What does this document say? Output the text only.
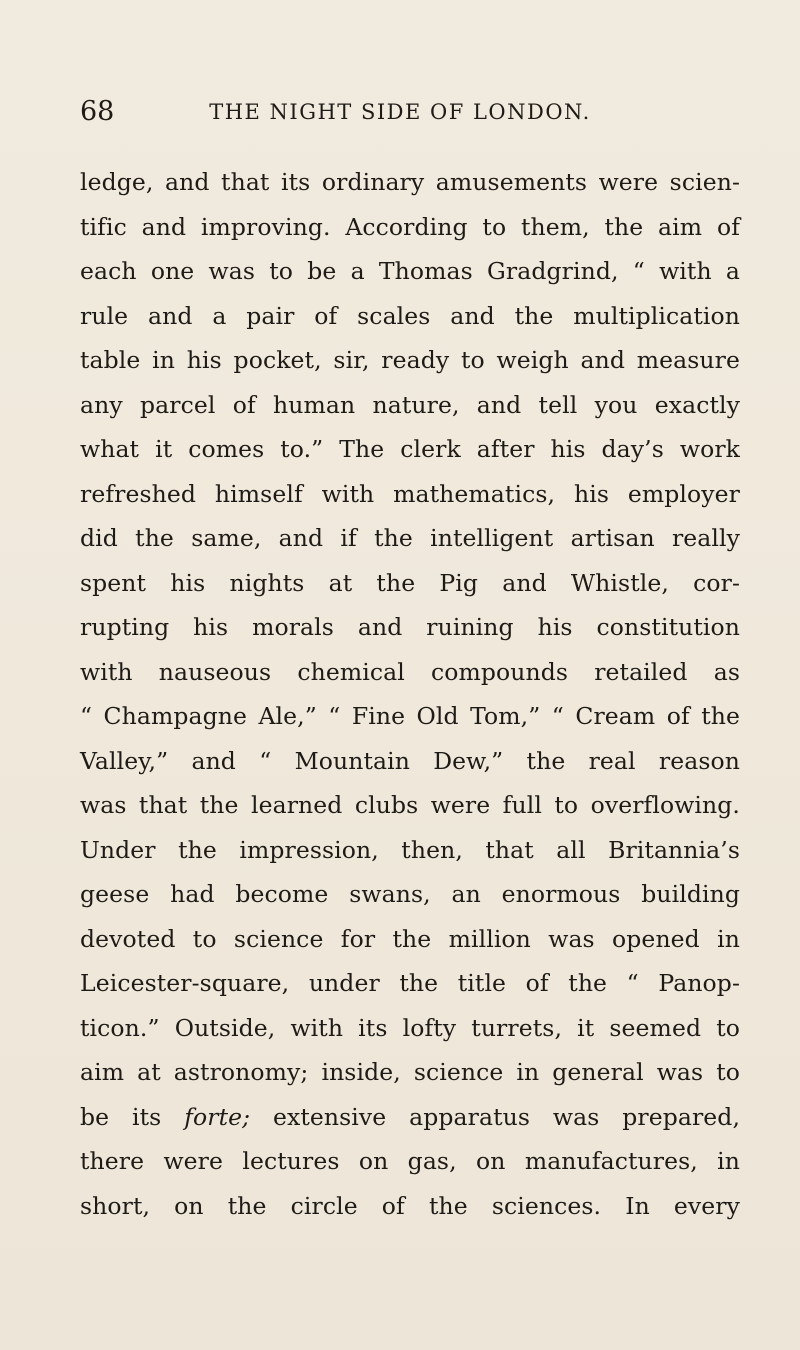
68	THE NIGHT SIDE OF LONDON.
ledge, and that its ordinary amusements were scien-
tific and improving. According to them, the aim of
each one was to be a Thomas Gradgrind, “ with a
rule and a pair of scales and the multiplication
table in his pocket, sir, ready to weigh and measure
any parcel of human nature, and tell you exactly
what it comes to.” The clerk after his day’s work
refreshed himself with mathematics, his employer
did the same, and if the intelligent artisan really
spent his nights at the Pig and Whistle, cor-
rupting his morals and ruining his constitution
with nauseous chemical compounds retailed as
“ Champagne Ale,” “ Fine Old Tom,” “ Cream of the
Valley,” and “ Mountain Dew,” the real reason
was that the learned clubs were full to overflowing.
Under the impression, then, that all Britannia’s
geese had become swans, an enormous building
devoted to science for the million was opened in
Leicester-square, under the title of the “ Panop-
ticon.” Outside, with its lofty turrets, it seemed to
aim at astronomy; inside, science in general was to
be its forte; extensive apparatus was prepared,
there were lectures on gas, on manufactures, in
short, on the circle of the sciences. In every
